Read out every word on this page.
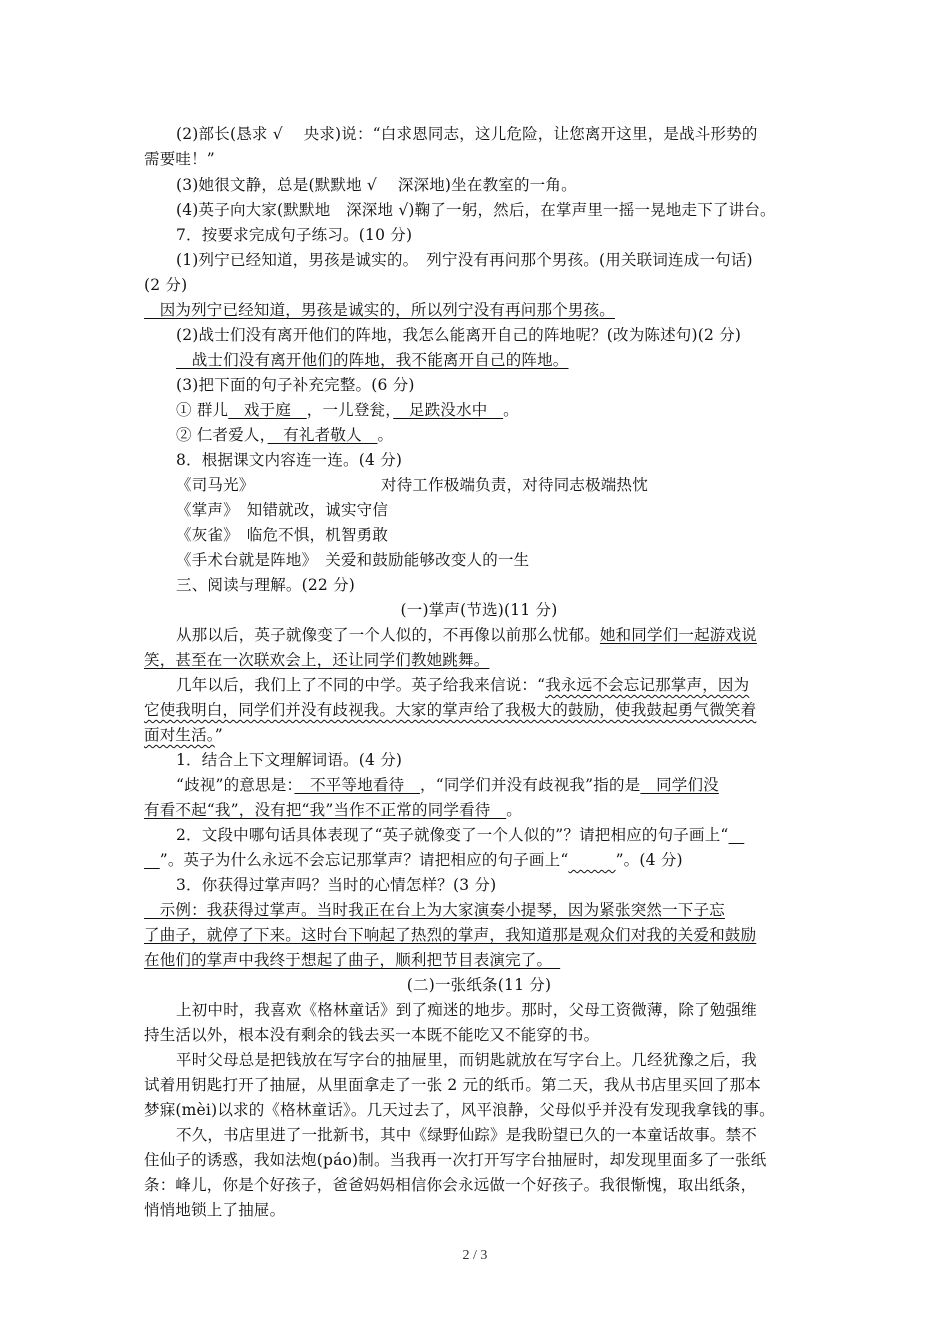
(2)部长(恳求 √　 央求)说：“白求恩同志，这儿危险，让您离开这里，是战斗形势的
需要哇！”
(3)她很文静，总是(默默地 √　 深深地)坐在教室的一角。
(4)英子向大家(默默地　深深地 √)鞠了一躬，然后，在掌声里一摇一晃地走下了讲台。
7．按要求完成句子练习。(10 分)
(1)列宁已经知道，男孩是诚实的。　列宁没有再问那个男孩。(用关联词连成一句话)
(2 分)
　因为列宁已经知道，男孩是诚实的，所以列宁没有再问那个男孩。
(2)战士们没有离开他们的阵地，我怎么能离开自己的阵地呢？(改为陈述句)(2 分)
　战士们没有离开他们的阵地，我不能离开自己的阵地。
(3)把下面的句子补充完整。(6 分)
① 群儿　戏于庭　，一儿登瓮，　足跌没水中　。
② 仁者爱人，　有礼者敬人　。
8．根据课文内容连一连。(4 分)
《司马光》	对待工作极端负责，对待同志极端热忱
《掌声》　知错就改，诚实守信
《灰雀》　临危不惧，机智勇敢
《手术台就是阵地》　关爱和鼓励能够改变人的一生
三、阅读与理解。(22 分)
(一)掌声(节选)(11 分)
从那以后，英子就像变了一个人似的，不再像以前那么忧郁。她和同学们一起游戏说
笑，甚至在一次联欢会上，还让同学们教她跳舞。
几年以后，我们上了不同的中学。英子给我来信说：“我永远不会忘记那掌声，因为
它使我明白，同学们并没有歧视我。大家的掌声给了我极大的鼓励，使我鼓起勇气微笑着
面对生活。”
1．结合上下文理解词语。(4 分)
“歧视”的意思是：　不平等地看待　，“同学们并没有歧视我”指的是　同学们没
有看不起“我”，没有把“我”当作不正常的同学看待　。
2．文段中哪句话具体表现了“英子就像变了一个人似的”？请把相应的句子画上“　
　”。英子为什么永远不会忘记那掌声？请把相应的句子画上“　　　	”。(4 分)
3．你获得过掌声吗？当时的心情怎样？(3 分)
　示例：我获得过掌声。当时我正在台上为大家演奏小提琴，因为紧张突然一下子忘
了曲子，就停了下来。这时台下响起了热烈的掌声，我知道那是观众们对我的关爱和鼓励
在他们的掌声中我终于想起了曲子，顺利把节目表演完了。　
(二)一张纸条(11 分)
上初中时，我喜欢《格林童话》到了痴迷的地步。那时，父母工资微薄，除了勉强维
持生活以外，根本没有剩余的钱去买一本既不能吃又不能穿的书。
平时父母总是把钱放在写字台的抽屉里，而钥匙就放在写字台上。几经犹豫之后，我
试着用钥匙打开了抽屉，从里面拿走了一张 2 元的纸币。第二天，我从书店里买回了那本
梦寐(mèi)以求的《格林童话》。几天过去了，风平浪静，父母似乎并没有发现我拿钱的事。
不久，书店里进了一批新书，其中《绿野仙踪》是我盼望已久的一本童话故事。禁不
住仙子的诱惑，我如法炮(páo)制。当我再一次打开写字台抽屉时，却发现里面多了一张纸
条：峰儿，你是个好孩子，爸爸妈妈相信你会永远做一个好孩子。我很惭愧，取出纸条，
悄悄地锁上了抽屉。
2 / 3
